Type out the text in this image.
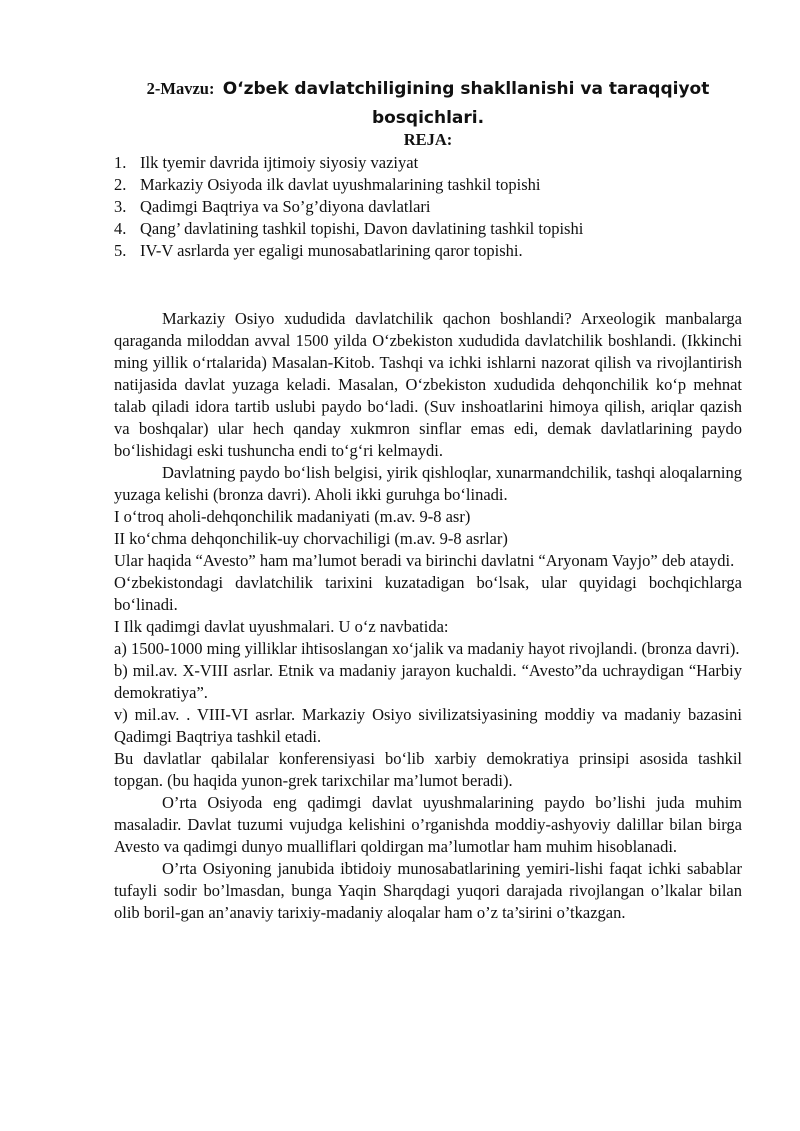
2-Mavzu: O‘zbek davlatchiligining shakllanishi va taraqqiyot bosqichlari.
REJA:
1. Ilk tyemir davrida ijtimoiy siyosiy vaziyat
2. Markaziy Osiyoda ilk davlat uyushmalarining tashkil topishi
3. Qadimgi Baqtriya va So’g’diyona davlatlari
4. Qang’ davlatining tashkil topishi, Davon davlatining tashkil topishi
5. IV-V asrlarda yer egaligi munosabatlarining qaror topishi.

Markaziy Osiyo xududida davlatchilik qachon boshlandi? Arxeologik manbalarga qaraganda miloddan avval 1500 yilda O‘zbekiston xududida davlatchilik boshlandi. (Ikkinchi ming yillik o‘rtalarida) Masalan-Kitob. Tashqi va ichki ishlarni nazorat qilish va rivojlantirish natijasida davlat yuzaga keladi. Masalan, O‘zbekiston xududida dehqonchilik ko‘p mehnat talab qiladi idora tartib uslubi paydo bo‘ladi. (Suv inshoatlarini himoya qilish, ariqlar qazish va boshqalar) ular hech qanday xukmron sinflar emas edi, demak davlatlarining paydo bo‘lishidagi eski tushuncha endi to‘g‘ri kelmaydi.

Davlatning paydo bo‘lish belgisi, yirik qishloqlar, xunarmandchilik, tashqi aloqalarning yuzaga kelishi (bronza davri). Aholi ikki guruhga bo‘linadi.

I o‘troq aholi-dehqonchilik madaniyati (m.av. 9-8 asr)

II ko‘chma dehqonchilik-uy chorvachiligi (m.av. 9-8 asrlar)

Ular haqida “Avesto” ham ma’lumot beradi va birinchi davlatni “Aryonam Vayjo” deb ataydi.

O‘zbekistondagi davlatchilik tarixini kuzatadigan bo‘lsak, ular quyidagi bochqichlarga bo‘linadi.

I Ilk qadimgi davlat uyushmalari. U o‘z navbatida:

a) 1500-1000 ming yilliklar ihtisoslangan xo‘jalik va madaniy hayot rivojlandi. (bronza davri).

b) mil.av. X-VIII asrlar. Etnik va madaniy jarayon kuchaldi. “Avesto”da uchraydigan “Harbiy demokratiya”.

v) mil.av. . VIII-VI asrlar. Markaziy Osiyo sivilizatsiyasining moddiy va madaniy bazasini Qadimgi Baqtriya tashkil etadi.

Bu davlatlar qabilalar konferensiyasi bo‘lib xarbiy demokratiya prinsipi asosida tashkil topgan. (bu haqida yunon-grek tarixchilar ma’lumot beradi).

O’rta Osiyoda eng qadimgi davlat uyushmalarining paydo bo’lishi juda muhim masaladir. Davlat tuzumi vujudga kelishini o’rganishda moddiy-ashyoviy dalillar bilan birga Avesto va qadimgi dunyo mualliflari qoldirgan ma’lumotlar ham muhim hisoblanadi.

O’rta Osiyoning janubida ibtidoiy munosabatlarining yemiri-lishi faqat ichki sabablar tufayli sodir bo’lmasdan, bunga Yaqin Sharqdagi yuqori darajada rivojlangan o’lkalar bilan olib boril-gan an’anaviy tarixiy-madaniy aloqalar ham o’z ta’sirini o’tkazgan.
